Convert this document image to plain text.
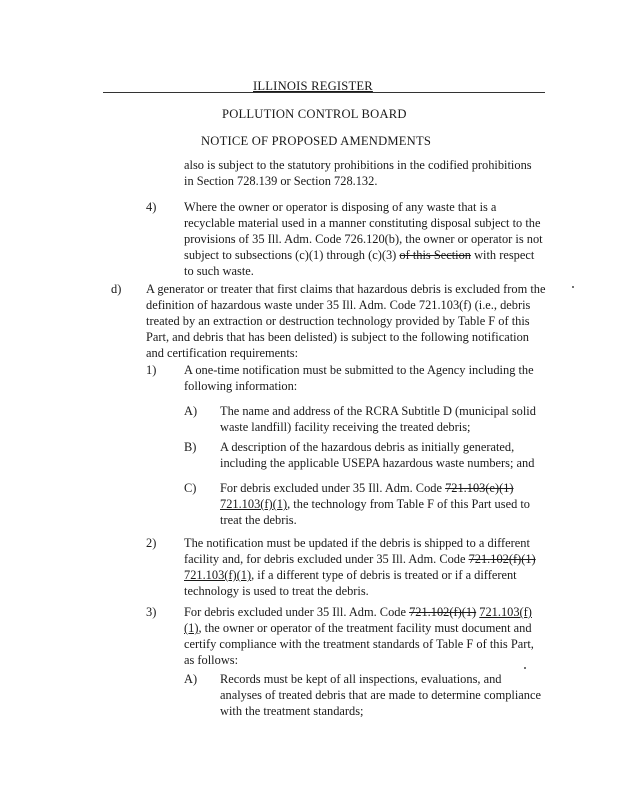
ILLINOIS REGISTER
POLLUTION CONTROL BOARD
NOTICE OF PROPOSED AMENDMENTS
also is subject to the statutory prohibitions in the codified prohibitions in Section 728.139 or Section 728.132.
4) Where the owner or operator is disposing of any waste that is a recyclable material used in a manner constituting disposal subject to the provisions of 35 Ill. Adm. Code 726.120(b), the owner or operator is not subject to subsections (c)(1) through (c)(3) of this Section with respect to such waste.
d) A generator or treater that first claims that hazardous debris is excluded from the definition of hazardous waste under 35 Ill. Adm. Code 721.103(f) (i.e., debris treated by an extraction or destruction technology provided by Table F of this Part, and debris that has been delisted) is subject to the following notification and certification requirements:
1) A one-time notification must be submitted to the Agency including the following information:
A) The name and address of the RCRA Subtitle D (municipal solid waste landfill) facility receiving the treated debris;
B) A description of the hazardous debris as initially generated, including the applicable USEPA hazardous waste numbers; and
C) For debris excluded under 35 Ill. Adm. Code 721.103(e)(1) 721.103(f)(1), the technology from Table F of this Part used to treat the debris.
2) The notification must be updated if the debris is shipped to a different facility and, for debris excluded under 35 Ill. Adm. Code 721.102(f)(1) 721.103(f)(1), if a different type of debris is treated or if a different technology is used to treat the debris.
3) For debris excluded under 35 Ill. Adm. Code 721.102(f)(1) 721.103(f)(1), the owner or operator of the treatment facility must document and certify compliance with the treatment standards of Table F of this Part, as follows:
A) Records must be kept of all inspections, evaluations, and analyses of treated debris that are made to determine compliance with the treatment standards;
